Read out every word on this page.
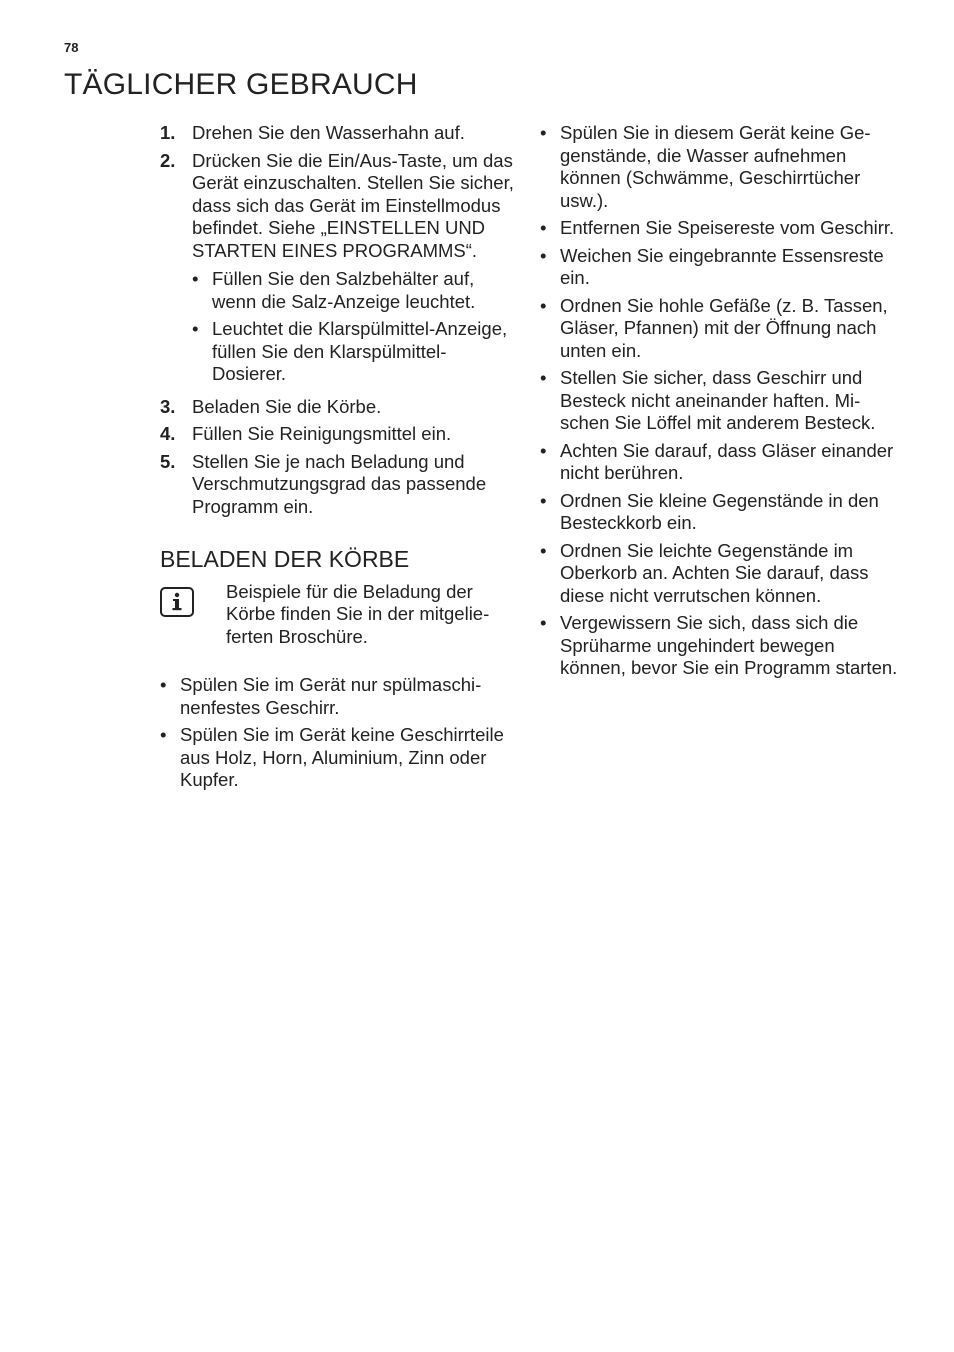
78
TÄGLICHER GEBRAUCH
1. Drehen Sie den Wasserhahn auf.
2. Drücken Sie die Ein/Aus-Taste, um das Gerät einzuschalten. Stellen Sie sicher, dass sich das Gerät im Einstellmodus befindet. Siehe „EINSTELLEN UND STARTEN EINES PROGRAMMS“.
• Füllen Sie den Salzbehälter auf, wenn die Salz-Anzeige leuchtet.
• Leuchtet die Klarspülmittel-Anzeige, füllen Sie den Klarspülmittel-Dosierer.
3. Beladen Sie die Körbe.
4. Füllen Sie Reinigungsmittel ein.
5. Stellen Sie je nach Beladung und Verschmutzungsgrad das passende Programm ein.
BELADEN DER KÖRBE
Beispiele für die Beladung der Körbe finden Sie in der mitgelieferten Broschüre.
• Spülen Sie im Gerät nur spülmaschinenfestes Geschirr.
• Spülen Sie im Gerät keine Geschirrteile aus Holz, Horn, Aluminium, Zinn oder Kupfer.
• Spülen Sie in diesem Gerät keine Gegenstände, die Wasser aufnehmen können (Schwämme, Geschirrtücher usw.).
• Entfernen Sie Speisereste vom Geschirr.
• Weichen Sie eingebrannte Essensreste ein.
• Ordnen Sie hohle Gefäße (z. B. Tassen, Gläser, Pfannen) mit der Öffnung nach unten ein.
• Stellen Sie sicher, dass Geschirr und Besteck nicht aneinander haften. Mischen Sie Löffel mit anderem Besteck.
• Achten Sie darauf, dass Gläser einander nicht berühren.
• Ordnen Sie kleine Gegenstände in den Besteckkorb ein.
• Ordnen Sie leichte Gegenstände im Oberkorb an. Achten Sie darauf, dass diese nicht verrutschen können.
• Vergewissern Sie sich, dass sich die Sprüharme ungehindert bewegen können, bevor Sie ein Programm starten.
